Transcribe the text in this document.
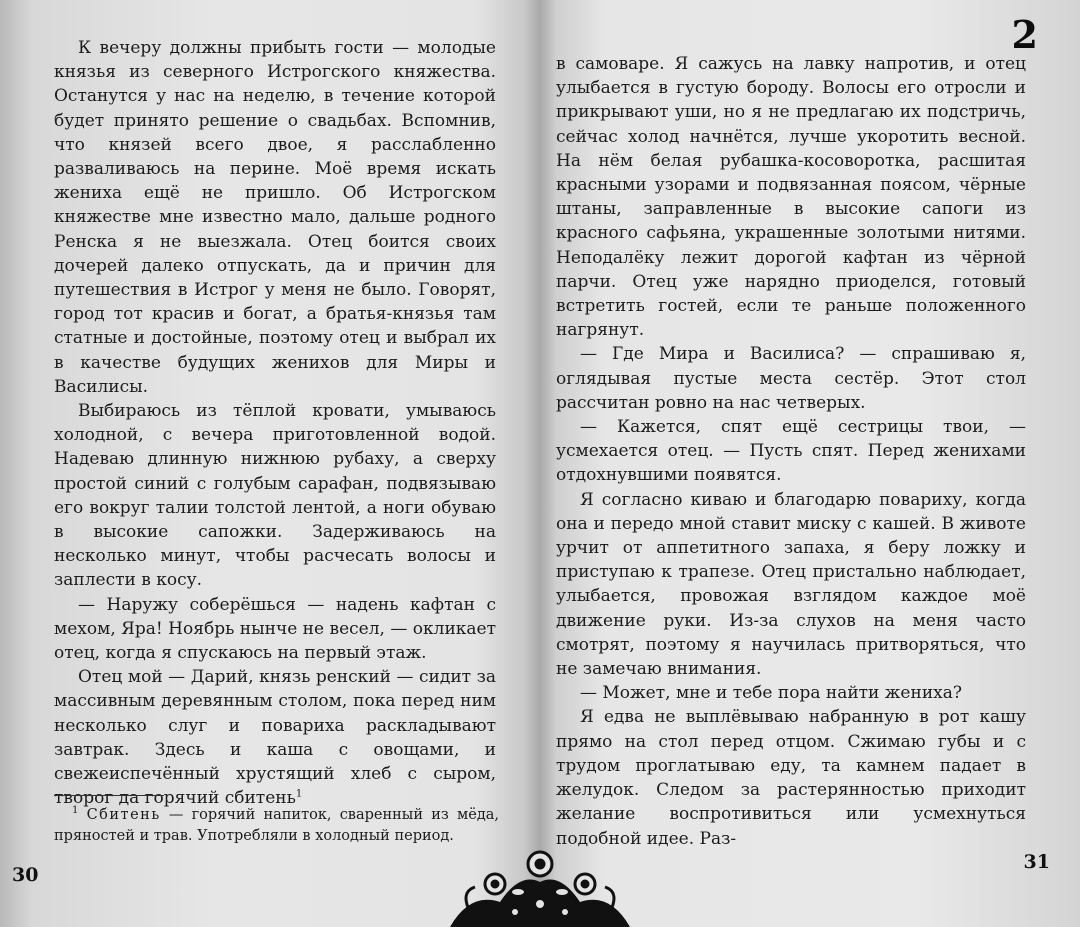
К вечеру должны прибыть гости — молодые князья из северного Истрогского княжества. Останутся у нас на неделю, в течение которой будет принято решение о свадьбах. Вспомнив, что князей всего двое, я расслабленно разваливаюсь на перине. Моё время искать жениха ещё не пришло. Об Истрогском княжестве мне известно мало, дальше родного Ренска я не выезжала. Отец боится своих дочерей далеко отпускать, да и причин для путешествия в Истрог у меня не было. Говорят, город тот красив и богат, а братья-князья там статные и достойные, поэтому отец и выбрал их в качестве будущих женихов для Миры и Василисы.

Выбираюсь из тёплой кровати, умываюсь холодной, с вечера приготовленной водой. Надеваю длинную нижнюю рубаху, а сверху простой синий с голубым сарафан, подвязываю его вокруг талии толстой лентой, а ноги обуваю в высокие сапожки. Задерживаюсь на несколько минут, чтобы расчесать волосы и заплести в косу.

— Наружу соберёшься — надень кафтан с мехом, Яра! Ноябрь нынче не весел, — окликает отец, когда я спускаюсь на первый этаж.

Отец мой — Дарий, князь ренский — сидит за массивным деревянным столом, пока перед ним несколько слуг и повариха раскладывают завтрак. Здесь и каша с овощами, и свежеиспечённый хрустящий хлеб с сыром, творог да горячий сбитень$^1$

$^1$ Сбитень — горячий напиток, сваренный из мёда, пряностей и трав. Употребляли в холодный период.
30
2

в самоваре. Я сажусь на лавку напротив, и отец улыбается в густую бороду. Волосы его отросли и прикрывают уши, но я не предлагаю их подстричь, сейчас холод начнётся, лучше укоротить весной. На нём белая рубашка-косоворотка, расшитая красными узорами и подвязанная поясом, чёрные штаны, заправленные в высокие сапоги из красного сафьяна, украшенные золотыми нитями. Неподалёку лежит дорогой кафтан из чёрной парчи. Отец уже нарядно приоделся, готовый встретить гостей, если те раньше положенного нагрянут.

— Где Мира и Василиса? — спрашиваю я, оглядывая пустые места сестёр. Этот стол рассчитан ровно на нас четверых.

— Кажется, спят ещё сестрицы твои, — усмехается отец. — Пусть спят. Перед женихами отдохнувшими появятся.

Я согласно киваю и благодарю повариху, когда она и передо мной ставит миску с кашей. В животе урчит от аппетитного запаха, я беру ложку и приступаю к трапезе. Отец пристально наблюдает, улыбается, провожая взглядом каждое моё движение руки. Из-за слухов на меня часто смотрят, поэтому я научилась притворяться, что не замечаю внимания.

— Может, мне и тебе пора найти жениха?

Я едва не выплёвываю набранную в рот кашу прямо на стол перед отцом. Сжимаю губы и с трудом проглатываю еду, та камнем падает в желудок. Следом за растерянностью приходит желание воспротивиться или усмехнуться подобной идее. Раз-

31
